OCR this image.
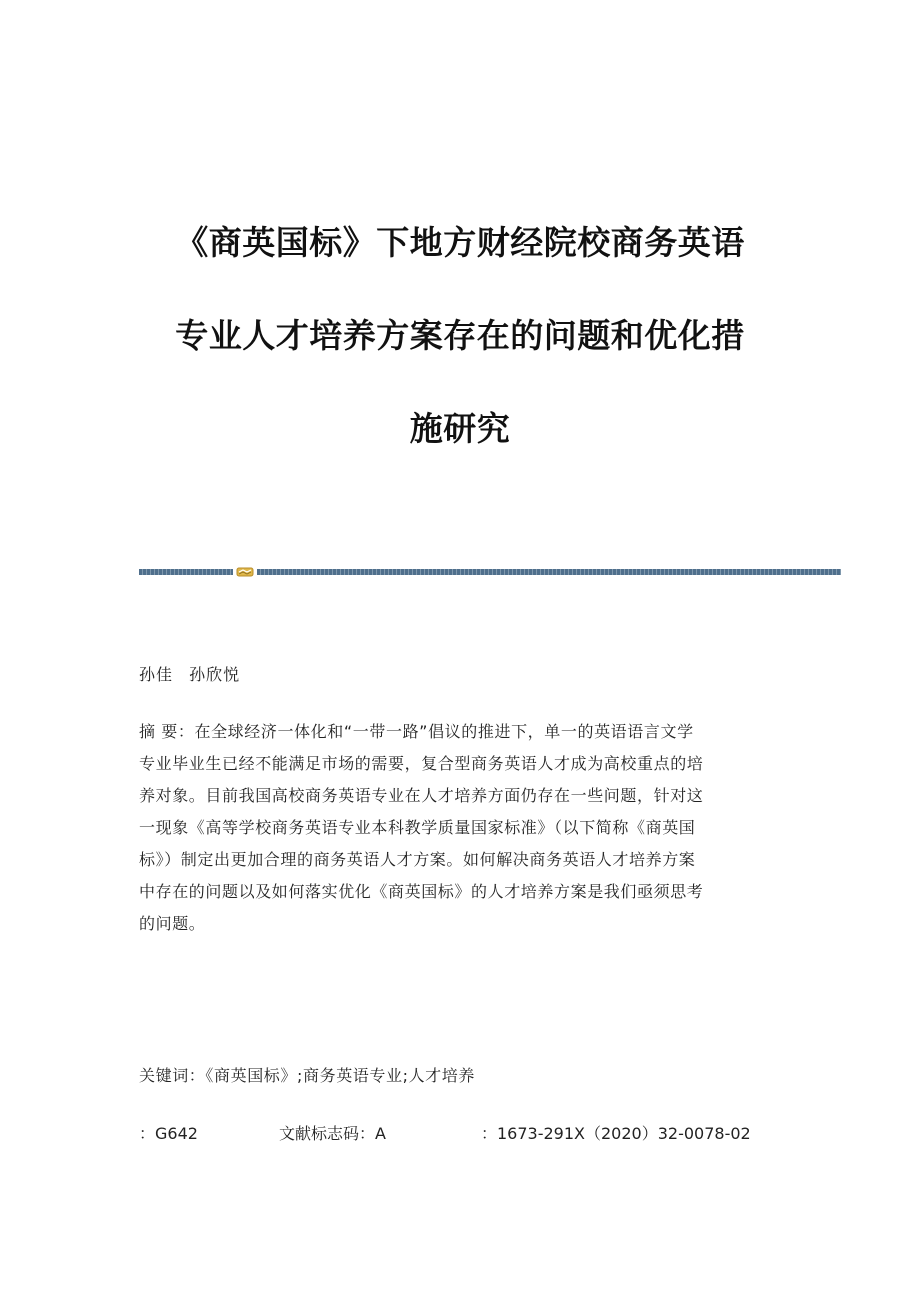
《商英国标》下地方财经院校商务英语
专业人才培养方案存在的问题和优化措
施研究
孙佳 孙欣悦

摘 要：在全球经济一体化和“一带一路”倡议的推进下，单一的英语语言文学
专业毕业生已经不能满足市场的需要，复合型商务英语人才成为高校重点的培
养对象。目前我国高校商务英语专业在人才培养方面仍存在一些问题，针对这
一现象《高等学校商务英语专业本科教学质量国家标准》（以下简称《商英国
标》）制定出更加合理的商务英语人才方案。如何解决商务英语人才培养方案
中存在的问题以及如何落实优化《商英国标》的人才培养方案是我们亟须思考
的问题。

关键词：《商英国标》;商务英语专业;人才培养
：G642	文献标志码：A	：1673-291X（2020）32-0078-02
